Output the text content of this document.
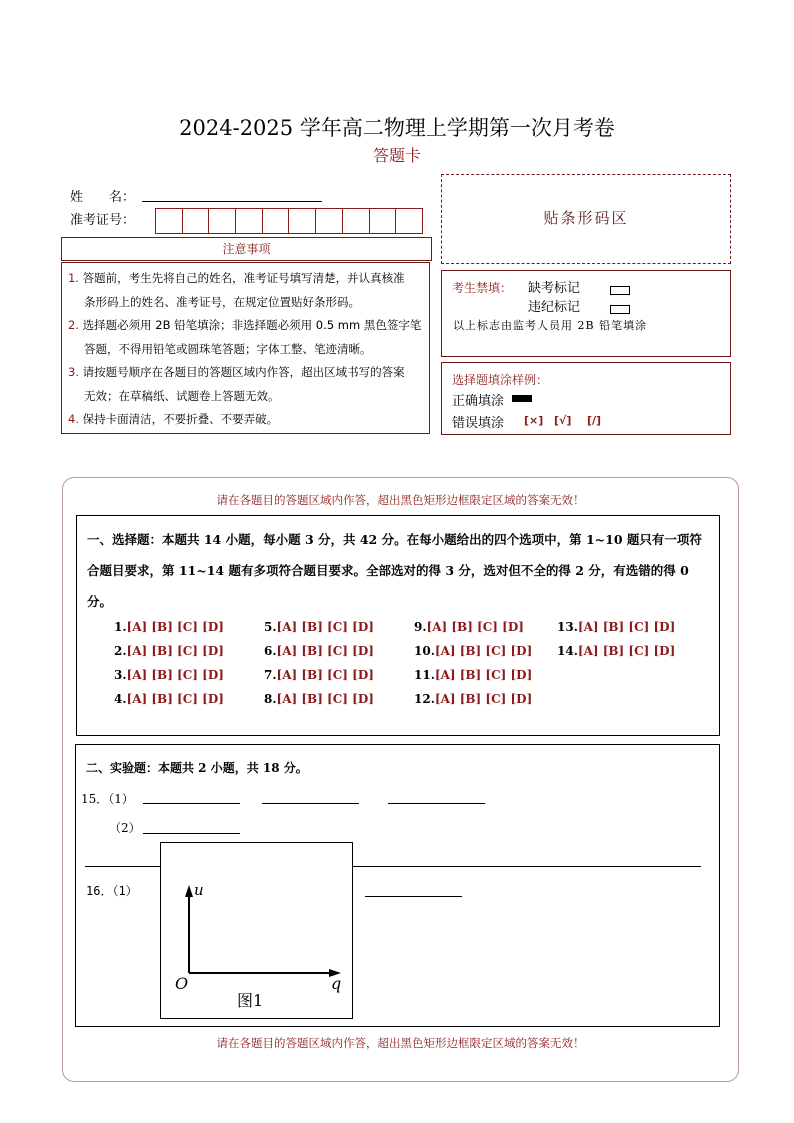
2024-2025 学年高二物理上学期第一次月考卷
答题卡
姓　　名：
准考证号：
注意事项
1. 答题前，考生先将自己的姓名，准考证号填写清楚，并认真核准
条形码上的姓名、准考证号，在规定位置贴好条形码。
2. 选择题必须用 2B 铅笔填涂；非选择题必须用 0.5 mm 黑色签字笔
答题，不得用铅笔或圆珠笔答题；字体工整、笔迹清晰。
3. 请按题号顺序在各题目的答题区域内作答，超出区域书写的答案
无效；在草稿纸、试题卷上答题无效。
4. 保持卡面清洁，不要折叠、不要弄破。
贴条形码区
考生禁填： 缺考标记
违纪标记
以上标志由监考人员用 2B 铅笔填涂
选择题填涂样例：
正确填涂
错误填涂 [×] [√] [/]
请在各题目的答题区域内作答，超出黑色矩形边框限定区域的答案无效！
一、选择题：本题共 14 小题，每小题 3 分，共 42 分。在每小题给出的四个选项中，第 1~10 题只有一项符合题目要求，第 11~14 题有多项符合题目要求。全部选对的得 3 分，选对但不全的得 2 分，有选错的得 0 分。
1.[A] [B] [C] [D]
2.[A] [B] [C] [D]
3.[A] [B] [C] [D]
4.[A] [B] [C] [D]
5.[A] [B] [C] [D]
6.[A] [B] [C] [D]
7.[A] [B] [C] [D]
8.[A] [B] [C] [D]
9.[A] [B] [C] [D]
10.[A] [B] [C] [D]
11.[A] [B] [C] [D]
12.[A] [B] [C] [D]
13.[A] [B] [C] [D]
14.[A] [B] [C] [D]
二、实验题：本题共 2 小题，共 18 分。
15．（1）
（2）
16．（1）	u
O	q
图1
请在各题目的答题区域内作答，超出黑色矩形边框限定区域的答案无效！
